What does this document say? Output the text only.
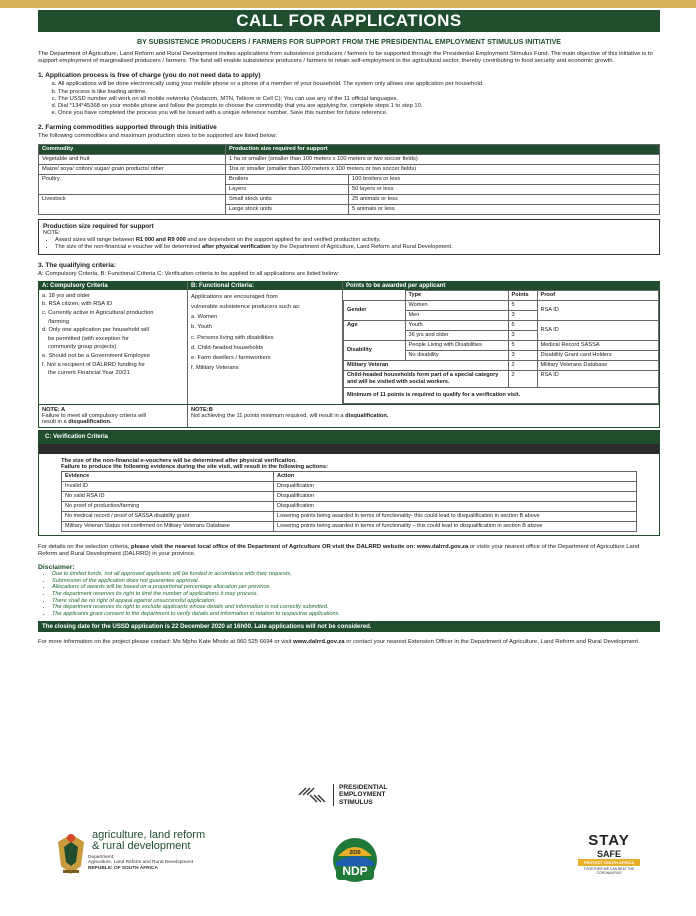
CALL FOR APPLICATIONS
BY SUBSISTENCE PRODUCERS / FARMERS FOR SUPPORT FROM THE PRESIDENTIAL EMPLOYMENT STIMULUS INITIATIVE
The Department of Agriculture, Land Reform and Rural Development invites applications from subsistence producers / farmers to be supported through the Presidential Employment Stimulus Fund. The main objective of this initiative is to support employment of marginalised producers / farmers. The fund will enable subsistence producers / farmers to retain self-employment in the agricultural sector, thereby contributing to food security and economic growth.
1. Application process is free of charge (you do not need data to apply)
a. All applications will be done electronically using your mobile phone or a phone of a member of your household. The system only allows one application per household.
b. The process is like loading airtime.
c. The USSD number will work on all mobile networks (Vodacom, MTN, Telkom or Cell C); You can use any of the 11 official languages.
d. Dial *134*45368 on your mobile phone and follow the prompts to choose the commodity that you are applying for, complete steps 1 to step 10.
e. Once you have completed the process you will be issued with a unique reference number. Save this number for future reference.
2. Farming commodities supported through this initiative
The following commodities and maximum production sizes to be supported are listed below:
Commodity	Production size required for support	
Vegetable and fruit	1 ha or smaller (smaller than 100 meters x 100 meters or two soccer fields)	
Maize/ soya/ cotton/ sugar/ grain products/ other	1ha or smaller (smaller than 100 meters x 100 meters or two soccer fields)	
Poultry	Broilers	100 broilers or less
	Layers	50 layers or less
Livestock	Small stock units	25 animals or less
	Large stock units	5 animals or less
Production size required for support
NOTE:
• Award sizes will range between R1 000 and R9 000 and are dependent on the support applied for and verified production activity.
• The size of the non-financial e-voucher will be determined after physical verification by the Department of Agriculture, Land Reform and Rural Development.
3. The qualifying criteria:
A: Compulsory Criteria, B: Functional Criteria C: Verification criteria to be applied to all applications are listed below:
A: Compulsory Criteria
a. 18 yrs and older
b. RSA citizen, with RSA ID
c. Currently active in Agricultural production
/farming
d. Only one application per household will
be permitted (with exception for
community group projects)
e. Should not be a Government Employee
f. Not a recipient of DALRRD funding for
the current Financial Year 20/21
B: Functional Criteria:
Applications are encouraged from
vulnerable subsistence producers such as:
a. Women
b. Youth
c. Persons living with disabilities
d. Child-headed households
e. Farm dwellers / farmworkers
f. Military Veterans
Points to be awarded per applicant
	Type	Points	Proof
Gender	Women	5	RSA ID
	Men	3	
Age	Youth	5	RSA ID
	36 yrs and older	3	
Disability	People Living with Disabilities	5	Medical Record SASSA
	No disability	3	Disability Grant card Holders
Military Veteran		2	Military Veterans Database
Child-headed households form part of a special category and will be visited with social workers.		2	RSA ID
Minimum of 11 points is required to qualify for a verification visit.			
NOTE: A
Failure to meet all compulsory criteria will
result in a disqualification.
NOTE:B
Not achieving the 11 points minimum required, will result in a disqualification.
C: Verification Criteria
The size of the non-financial e-vouchers will be determined after physical verification.
Failure to produce the following evidence during the site visit, will result in the following actions:
Evidence	Action
Invalid ID	Disqualification
No valid RSA ID	Disqualification
No proof of production/farming	Disqualification
No medical record / proof of SASSA disability grant	Lowering points being awarded in terms of functionality- this could lead to disqualification in section B above
Military Veteran Status not confirmed on Military Veterans Database	Lowering points being awarded in terms of functionality – this could lead to disqualification in section B above
For details on the selection criteria, please visit the nearest local office of the Department of Agriculture OR visit the DALRRD website on: www.dalrrd.gov.za or visits your nearest office of the Department of Agriculture Land Reform and Rural Development (DALRRD) in your province.
Disclaimer:
• Due to limited funds, not all approved applicants will be funded in accordance with their requests.
• Submission of the application does not guarantee approval.
• Allocations of awards will be based on a proportional percentage allocation per province.
• The department reserves its right to limit the number of applications it may process.
• There shall be no right of appeal against unsuccessful application.
• The department reserves its right to exclude applicants whose details and information is not correctly submitted.
• The applicants grant consent to the department to verify details and information in relation to respective applications.
The closing date for the USSD application is 22 December 2020 at 16h00. Late applications will not be considered.
For more information on the project please contact: Ms Mpho Kate Mholo at 060 525 6694 or visit www.dalrrd.gov.za or contact your nearest Extension Officer in the Department of Agriculture, Land Reform and Rural Development.
PRESIDENTIAL
EMPLOYMENT
STIMULUS
agriculture, land reform
& rural development
Department:
Agriculture, Land Reform and Rural Development
REPUBLIC OF SOUTH AFRICA
2030
NDP
STAY
SAFE
PROTECT SOUTH AFRICA
TOGETHER WE CAN BEAT THE CORONAVIRUS
